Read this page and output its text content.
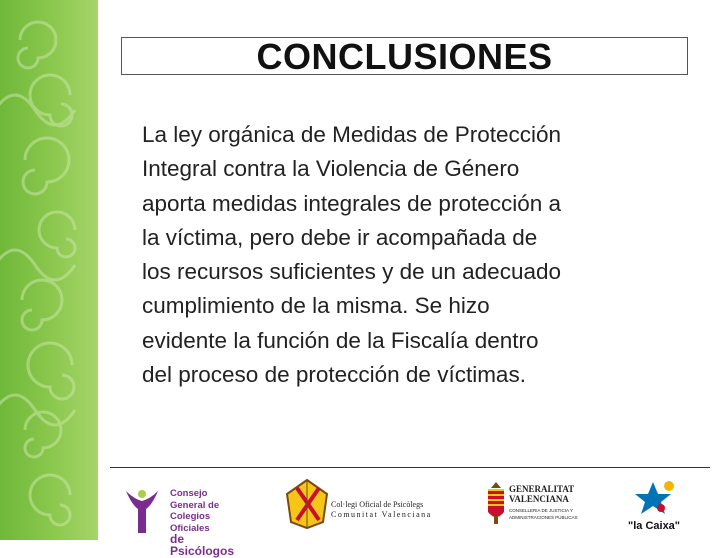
CONCLUSIONES
La ley orgánica de Medidas de Protección
Integral contra la Violencia de Género
aporta medidas integrales de protección a
la víctima, pero debe ir acompañada de
los recursos suficientes y de un adecuado
cumplimiento de la misma. Se hizo
evidente la función de la Fiscalía dentro
del proceso de protección de víctimas.
Consejo General de
Colegios Oficiales
de Psicólogos
Col·legi Oficial de Psicòlegs
Comunitat Valenciana
GENERALITAT
VALENCIANA
CONSELLERIA DE JUSTICIA Y
ADMINISTRACIONES PÚBLICAS
"la Caixa"
